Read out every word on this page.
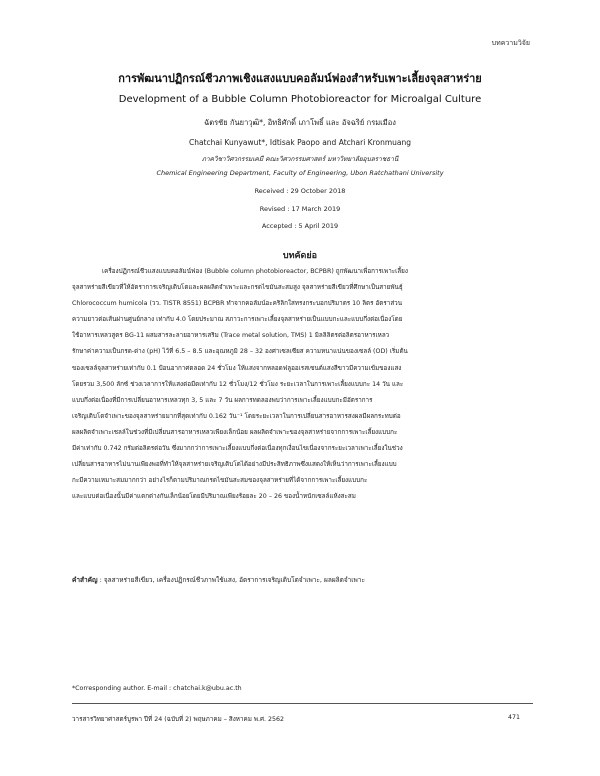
บทความวิจัย
การพัฒนาปฏิกรณ์ชีวภาพเชิงแสงแบบคอลัมน์ฟองสำหรับเพาะเลี้ยงจุลสาหร่าย
Development of a Bubble Column Photobioreactor for Microalgal Culture
ฉัตรชัย กันยาวุฒิ*, อิทธิศักดิ์ เภาโพธิ์ และ อัจฉริย์ กรมเมือง
Chatchai Kunyawut*, Idtisak Paopo and Atchari Kronmuang
ภาควิชาวิศวกรรมเคมี คณะวิศวกรรมศาสตร์ มหาวิทยาลัยอุบลราชธานี
Chemical Engineering Department, Faculty of Engineering, Ubon Ratchathani University
Received : 29 October 2018
Revised : 17 March 2019
Accepted : 5 April 2019
บทคัดย่อ
เครื่องปฏิกรณ์ชีวแสงแบบคอลัมน์ฟอง (Bubble column photobioreactor, BCPBR) ถูกพัฒนาเพื่อการเพาะเลี้ยง
จุลสาหร่ายสีเขียวที่ให้อัตราการเจริญเติบโตและผลผลิตจำเพาะและกรดไขมันสะสมสูง จุลสาหร่ายสีเขียวที่ศึกษาเป็นสายพันธุ์
Chlorococcum humicola (วว. TISTR 8551) BCPBR ทำจากคอลัมน์อะคริลิกใสทรงกระบอกปริมาตร 10 ลิตร อัตราส่วน
ความยาวต่อเส้นผ่านศูนย์กลาง เท่ากับ 4.0 โดยประมาณ สภาวะการเพาะเลี้ยงจุลสาหร่ายเป็นแบบกะและแบบกึ่งต่อเนื่องโดย
ใช้อาหารเหลวสูตร BG-11 ผสมสารละลายอาหารเสริม (Trace metal solution, TMS) 1 มิลลิลิตรต่อลิตรอาหารเหลว
รักษาค่าความเป็นกรด-ด่าง (pH) ไว้ที่ 6.5 – 8.5 และอุณหภูมิ 28 – 32 องศาเซลเซียส ความหนาแน่นของเซลล์ (OD) เริ่มต้น
ของเซลล์จุลสาหร่ายเท่ากับ 0.1 ป้อนอากาศตลอด 24 ชั่วโมง ให้แสงจากหลอดฟลูออเรสเซนต์แสงสีขาวมีความเข้มของแสง
โดยรวม 3,500 ลักซ์ ช่วงเวลาการให้แสงต่อมืดเท่ากับ 12 ชั่วโมง/12 ชั่วโมง ระยะเวลาในการเพาะเลี้ยงแบบกะ 14 วัน และ
แบบกึ่งต่อเนื่องที่มีการเปลี่ยนอาหารเหลวทุก 3, 5 และ 7 วัน ผลการทดลองพบว่าการเพาะเลี้ยงแบบกะมีอัตราการ
เจริญเติบโตจำเพาะของจุลสาหร่ายมากที่สุดเท่ากับ 0.162 วัน⁻¹ โดยระยะเวลาในการเปลี่ยนสารอาหารสงผลมีผลกระทบต่อ
ผลผลิตจำเพาะเชลล์ในช่วงที่มีเปลี่ยนสารอาหารเหลวเพียงเล็กน้อย ผลผลิตจำเพาะของจุลสาหร่ายจากการเพาะเลี้ยงแบบกะ
มีค่าเท่ากับ 0.742 กรัมต่อลิตรต่อวัน ซึ่งมากกว่าการเพาะเลี้ยงแบบกึ่งต่อเนื่องทุกเงื่อนไขเนื่องจากระยะเวลาเพาะเลี้ยงในช่วง
เปลี่ยนสารอาหารไม่นานเพียงพอที่ทำให้จุลสาหร่ายเจริญเติบโตได้อย่างมีประสิทธิภาพซึ่งแสดงให้เห็นว่าการเพาะเลี้ยงแบบ
กะมีความเหมาะสมมากกว่า อย่างไรก็ตามปริมาณกรดไขมันสะสมของจุลสาหร่ายที่ได้จากการเพาะเลี้ยงแบบกะ
และแบบต่อเนื่องนั้นมีค่าแตกต่างกันเล็กน้อยโดยมีปริมาณเพียงร้อยละ 20 – 26 ของน้ำหนักเซลล์แห้งสะสม
คำสำคัญ : จุลสาหร่ายสีเขียว, เครื่องปฏิกรณ์ชีวภาพใช้แสง, อัตราการเจริญเติบโตจำเพาะ, ผลผลิตจำเพาะ
*Corresponding author. E-mail : chatchai.k@ubu.ac.th
วารสารวิทยาศาสตร์บูรพา ปีที่ 24 (ฉบับที่ 2) พฤษภาคม – สิงหาคม พ.ศ. 2562	471
